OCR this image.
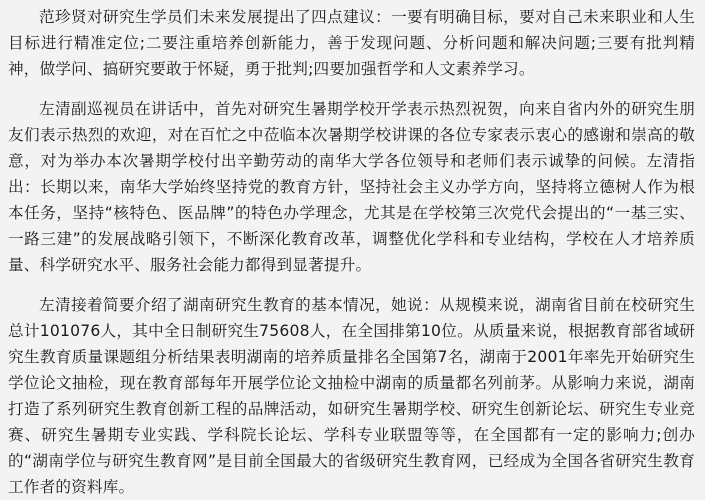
范珍贤对研究生学员们未来发展提出了四点建议：一要有明确目标，要对自己未来职业和人生目标进行精准定位;二要注重培养创新能力，善于发现问题、分析问题和解决问题;三要有批判精神，做学问、搞研究要敢于怀疑，勇于批判;四要加强哲学和人文素养学习。

左清副巡视员在讲话中，首先对研究生暑期学校开学表示热烈祝贺，向来自省内外的研究生朋友们表示热烈的欢迎，对在百忙之中莅临本次暑期学校讲课的各位专家表示衷心的感谢和崇高的敬意，对为举办本次暑期学校付出辛勤劳动的南华大学各位领导和老师们表示诚挚的问候。左清指出：长期以来，南华大学始终坚持党的教育方针，坚持社会主义办学方向，坚持将立德树人作为根本任务，坚持“核特色、医品牌”的特色办学理念，尤其是在学校第三次党代会提出的“一基三实、一路三建”的发展战略引领下，不断深化教育改革，调整优化学科和专业结构，学校在人才培养质量、科学研究水平、服务社会能力都得到显著提升。

左清接着简要介绍了湖南研究生教育的基本情况，她说：从规模来说，湖南省目前在校研究生总计101076人，其中全日制研究生75608人，在全国排第10位。从质量来说，根据教育部省域研究生教育质量课题组分析结果表明湖南的培养质量排名全国第7名，湖南于2001年率先开始研究生学位论文抽检，现在教育部每年开展学位论文抽检中湖南的质量都名列前茅。从影响力来说，湖南打造了系列研究生教育创新工程的品牌活动，如研究生暑期学校、研究生创新论坛、研究生专业竞赛、研究生暑期专业实践、学科院长论坛、学科专业联盟等等，在全国都有一定的影响力;创办的“湖南学位与研究生教育网”是目前全国最大的省级研究生教育网，已经成为全国各省研究生教育工作者的资料库。
